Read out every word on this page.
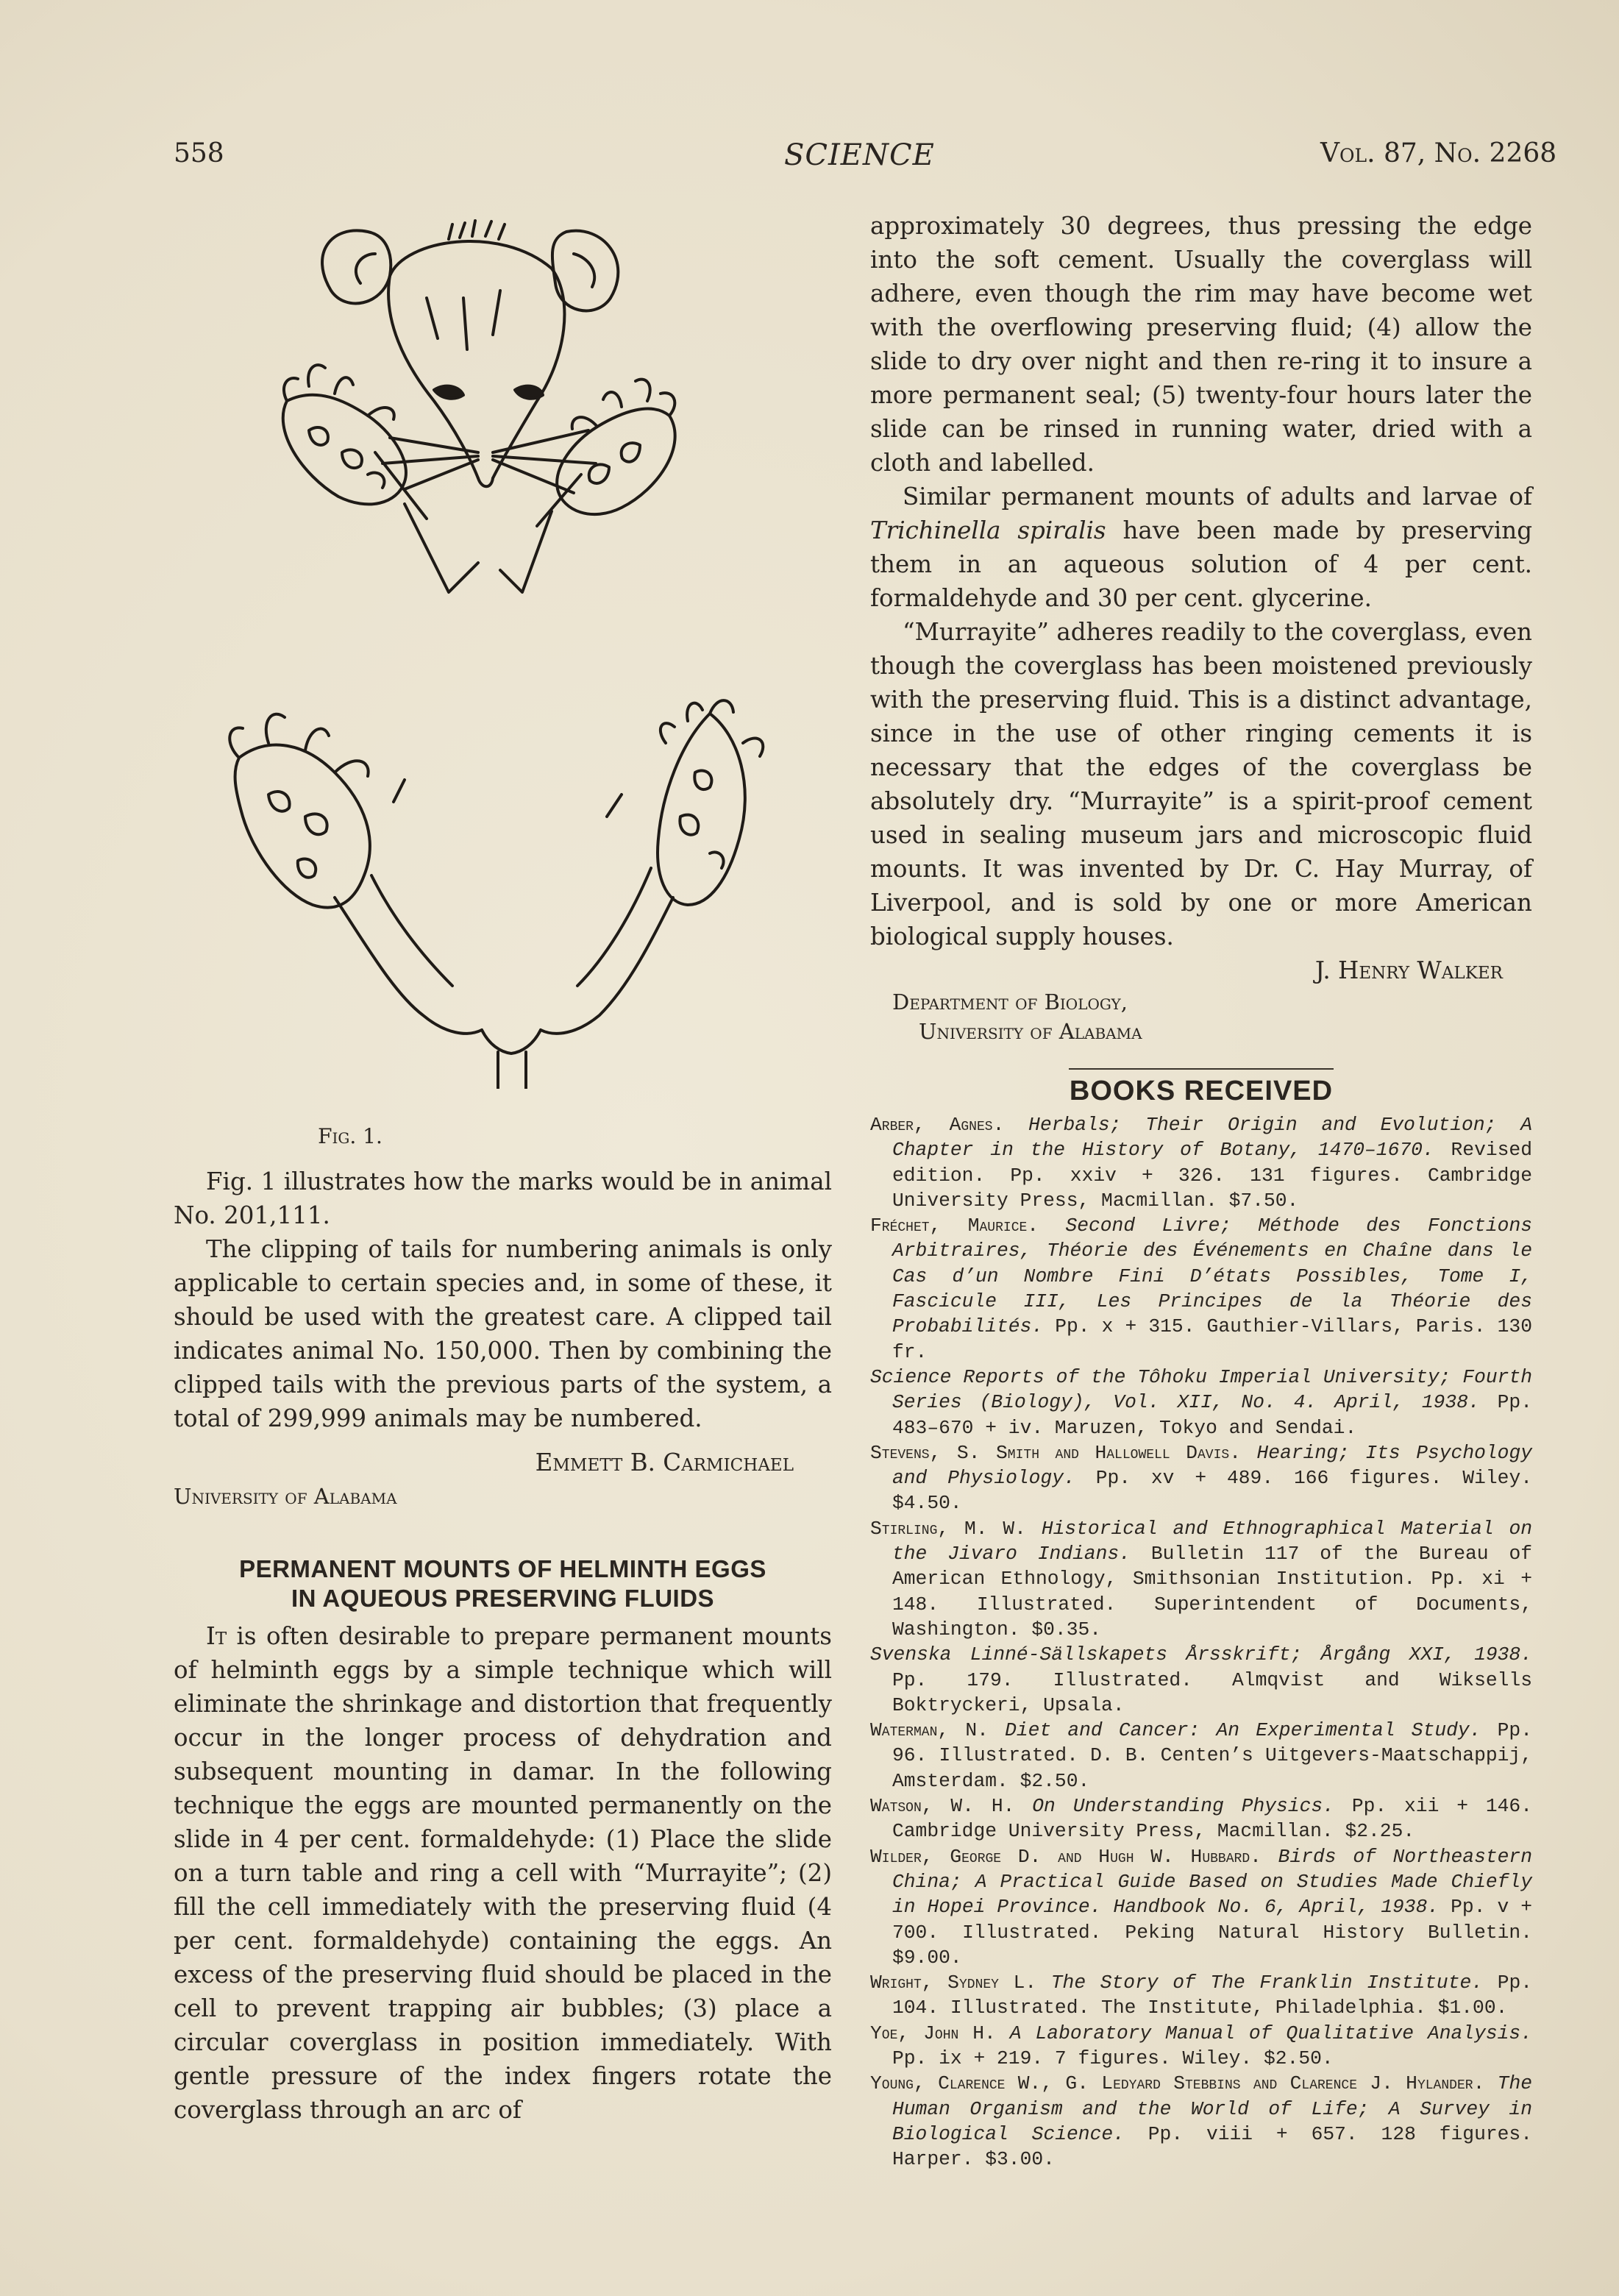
558	SCIENCE	Vol. 87, No. 2268
Fig. 1.

Fig. 1 illustrates how the marks would be in animal No. 201,111.

The clipping of tails for numbering animals is only applicable to certain species and, in some of these, it should be used with the greatest care. A clipped tail indicates animal No. 150,000. Then by combining the clipped tails with the previous parts of the system, a total of 299,999 animals may be numbered.

Emmett B. Carmichael
University of Alabama
PERMANENT MOUNTS OF HELMINTH EGGS
IN AQUEOUS PRESERVING FLUIDS

It is often desirable to prepare permanent mounts of helminth eggs by a simple technique which will eliminate the shrinkage and distortion that frequently occur in the longer process of dehydration and subsequent mounting in damar. In the following technique the eggs are mounted permanently on the slide in 4 per cent. formaldehyde: (1) Place the slide on a turn table and ring a cell with “Murrayite”; (2) fill the cell immediately with the preserving fluid (4 per cent. formaldehyde) containing the eggs. An excess of the preserving fluid should be placed in the cell to prevent trapping air bubbles; (3) place a circular coverglass in position immediately. With gentle pressure of the index fingers rotate the coverglass through an arc of

approximately 30 degrees, thus pressing the edge into the soft cement. Usually the coverglass will adhere, even though the rim may have become wet with the overflowing preserving fluid; (4) allow the slide to dry over night and then re-ring it to insure a more permanent seal; (5) twenty-four hours later the slide can be rinsed in running water, dried with a cloth and labelled.

Similar permanent mounts of adults and larvae of Trichinella spiralis have been made by preserving them in an aqueous solution of 4 per cent. formaldehyde and 30 per cent. glycerine.

“Murrayite” adheres readily to the coverglass, even though the coverglass has been moistened previously with the preserving fluid. This is a distinct advantage, since in the use of other ringing cements it is necessary that the edges of the coverglass be absolutely dry. “Murrayite” is a spirit-proof cement used in sealing museum jars and microscopic fluid mounts. It was invented by Dr. C. Hay Murray, of Liverpool, and is sold by one or more American biological supply houses.

J. Henry Walker
Department of Biology,
University of Alabama
BOOKS RECEIVED

Arber, Agnes. Herbals; Their Origin and Evolution; A Chapter in the History of Botany, 1470–1670. Revised edition. Pp. xxiv + 326. 131 figures. Cambridge University Press, Macmillan. $7.50.

Fréchet, Maurice. Second Livre; Méthode des Fonctions Arbitraires, Théorie des Événements en Chaîne dans le Cas d’un Nombre Fini D’états Possibles, Tome I, Fascicule III, Les Principes de la Théorie des Probabilités. Pp. x + 315. Gauthier-Villars, Paris. 130 fr.

Science Reports of the Tôhoku Imperial University; Fourth Series (Biology), Vol. XII, No. 4. April, 1938. Pp. 483–670 + iv. Maruzen, Tokyo and Sendai.

Stevens, S. Smith and Hallowell Davis. Hearing; Its Psychology and Physiology. Pp. xv + 489. 166 figures. Wiley. $4.50.

Stirling, M. W. Historical and Ethnographical Material on the Jivaro Indians. Bulletin 117 of the Bureau of American Ethnology, Smithsonian Institution. Pp. xi + 148. Illustrated. Superintendent of Documents, Washington. $0.35.

Svenska Linné-Sällskapets Årsskrift; Årgång XXI, 1938. Pp. 179. Illustrated. Almqvist and Wiksells Boktryckeri, Upsala.

Waterman, N. Diet and Cancer: An Experimental Study. Pp. 96. Illustrated. D. B. Centen’s Uitgevers-Maatschappij, Amsterdam. $2.50.

Watson, W. H. On Understanding Physics. Pp. xii + 146. Cambridge University Press, Macmillan. $2.25.

Wilder, George D. and Hugh W. Hubbard. Birds of Northeastern China; A Practical Guide Based on Studies Made Chiefly in Hopei Province. Handbook No. 6, April, 1938. Pp. v + 700. Illustrated. Peking Natural History Bulletin. $9.00.

Wright, Sydney L. The Story of The Franklin Institute. Pp. 104. Illustrated. The Institute, Philadelphia. $1.00.

Yoe, John H. A Laboratory Manual of Qualitative Analysis. Pp. ix + 219. 7 figures. Wiley. $2.50.

Young, Clarence W., G. Ledyard Stebbins and Clarence J. Hylander. The Human Organism and the World of Life; A Survey in Biological Science. Pp. viii + 657. 128 figures. Harper. $3.00.
